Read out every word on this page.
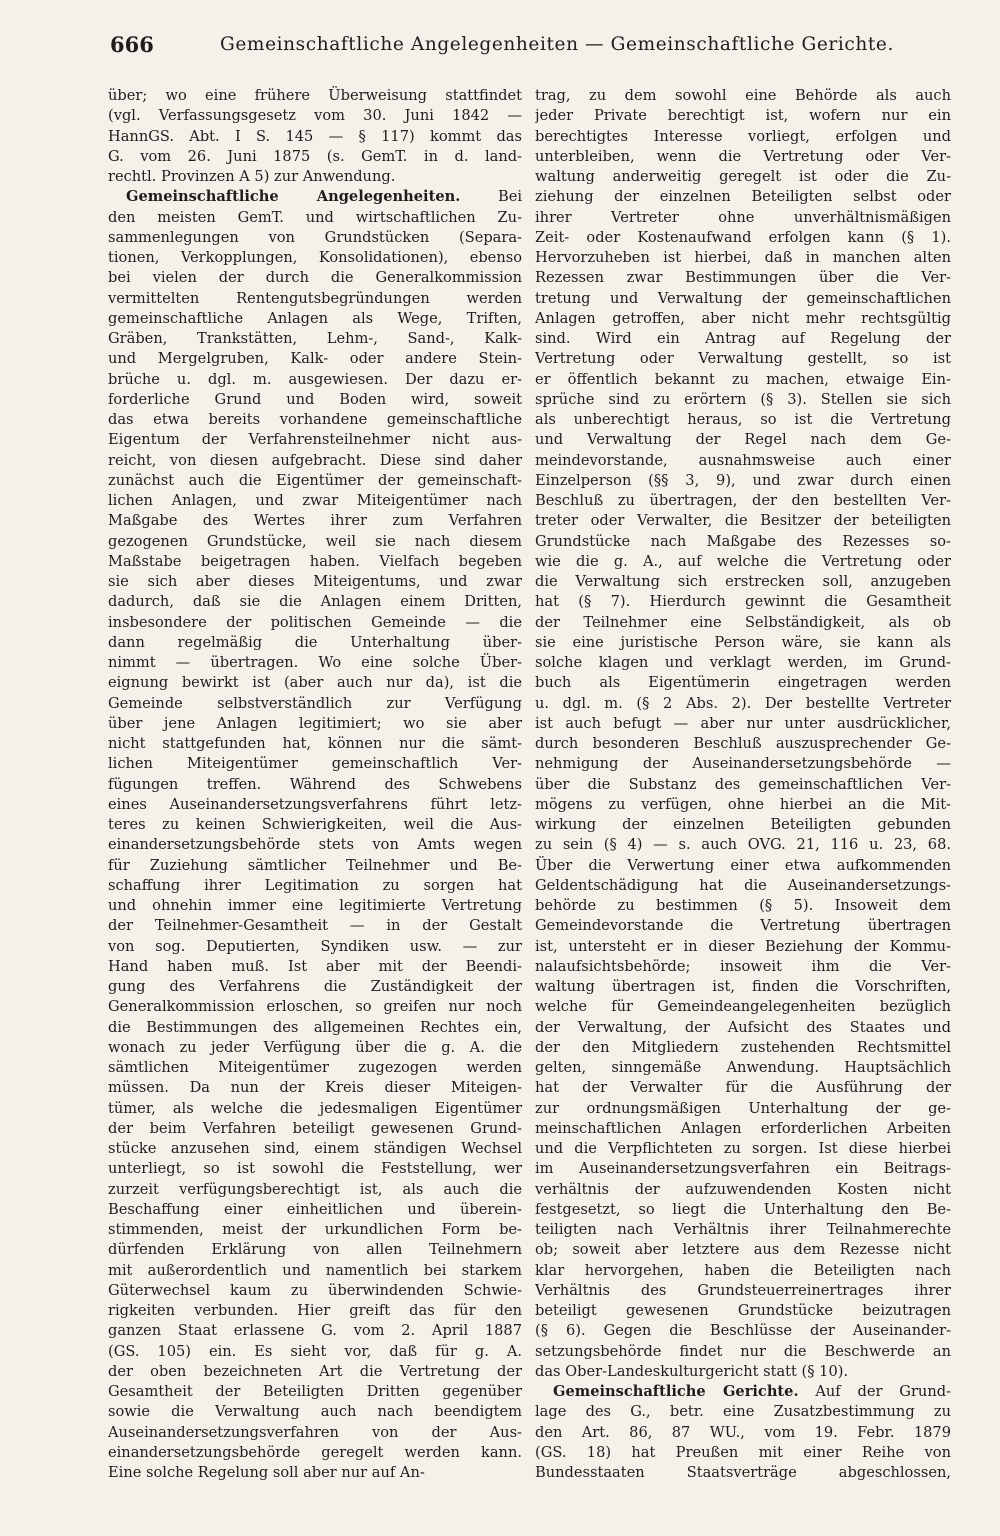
666	Gemeinschaftliche Angelegenheiten — Gemeinschaftliche Gerichte.
über; wo eine frühere Überweisung stattfindet
(vgl. Verfassungsgesetz vom 30. Juni 1842 —
HannGS. Abt. I S. 145 — § 117) kommt das
G. vom 26. Juni 1875 (s. GemT. in d. land-
rechtl. Provinzen A 5) zur Anwendung.
Gemeinschaftliche Angelegenheiten.	Bei
den meisten GemT. und wirtschaftlichen Zu-
sammenlegungen von Grundstücken (Separa-
tionen, Verkopplungen, Konsolidationen), ebenso
bei vielen der durch die Generalkommission
vermittelten Rentengutsbegründungen werden
gemeinschaftliche Anlagen als Wege, Triften,
Gräben, Trankstätten, Lehm-, Sand-, Kalk-
und Mergelgruben, Kalk- oder andere Stein-
brüche u. dgl. m. ausgewiesen. Der dazu er-
forderliche Grund und Boden wird, soweit
das etwa bereits vorhandene gemeinschaftliche
Eigentum der Verfahrensteilnehmer nicht aus-
reicht, von diesen aufgebracht. Diese sind daher
zunächst auch die Eigentümer der gemeinschaft-
lichen Anlagen, und zwar Miteigentümer nach
Maßgabe des Wertes ihrer zum Verfahren
gezogenen Grundstücke, weil sie nach diesem
Maßstabe beigetragen haben. Vielfach begeben
sie sich aber dieses Miteigentums, und zwar
dadurch, daß sie die Anlagen einem Dritten,
insbesondere der politischen Gemeinde — die
dann regelmäßig die Unterhaltung über-
nimmt — übertragen. Wo eine solche Über-
eignung bewirkt ist (aber auch nur da), ist die
Gemeinde selbstverständlich zur Verfügung
über jene Anlagen legitimiert; wo sie aber
nicht stattgefunden hat, können nur die sämt-
lichen Miteigentümer gemeinschaftlich Ver-
fügungen treffen. Während des Schwebens
eines Auseinandersetzungsverfahrens führt letz-
teres zu keinen Schwierigkeiten, weil die Aus-
einandersetzungsbehörde stets von Amts wegen
für Zuziehung sämtlicher Teilnehmer und Be-
schaffung ihrer Legitimation zu sorgen hat
und ohnehin immer eine legitimierte Vertretung
der Teilnehmer-Gesamtheit — in der Gestalt
von sog. Deputierten, Syndiken usw. — zur
Hand haben muß. Ist aber mit der Beendi-
gung des Verfahrens die Zuständigkeit der
Generalkommission erloschen, so greifen nur noch
die Bestimmungen des allgemeinen Rechtes ein,
wonach zu jeder Verfügung über die g. A. die
sämtlichen Miteigentümer zugezogen werden
müssen. Da nun der Kreis dieser Miteigen-
tümer, als welche die jedesmaligen Eigentümer
der beim Verfahren beteiligt gewesenen Grund-
stücke anzusehen sind, einem ständigen Wechsel
unterliegt, so ist sowohl die Feststellung, wer
zurzeit verfügungsberechtigt ist, als auch die
Beschaffung einer einheitlichen und überein-
stimmenden, meist der urkundlichen Form be-
dürfenden Erklärung von allen Teilnehmern
mit außerordentlich und namentlich bei starkem
Güterwechsel kaum zu überwindenden Schwie-
rigkeiten verbunden. Hier greift das für den
ganzen Staat erlassene G. vom 2. April 1887
(GS. 105) ein. Es sieht vor, daß für g. A.
der oben bezeichneten Art die Vertretung der
Gesamtheit der Beteiligten Dritten gegenüber
sowie die Verwaltung auch nach beendigtem
Auseinandersetzungsverfahren von der Aus-
einandersetzungsbehörde geregelt werden kann.
Eine solche Regelung soll aber nur auf An-
trag, zu dem sowohl eine Behörde als auch
jeder Private berechtigt ist, wofern nur ein
berechtigtes Interesse vorliegt, erfolgen und
unterbleiben, wenn die Vertretung oder Ver-
waltung anderweitig geregelt ist oder die Zu-
ziehung der einzelnen Beteiligten selbst oder
ihrer Vertreter ohne unverhältnismäßigen
Zeit- oder Kostenaufwand erfolgen kann (§ 1).
Hervorzuheben ist hierbei, daß in manchen alten
Rezessen zwar Bestimmungen über die Ver-
tretung und Verwaltung der gemeinschaftlichen
Anlagen getroffen, aber nicht mehr rechtsgültig
sind. Wird ein Antrag auf Regelung der
Vertretung oder Verwaltung gestellt, so ist
er öffentlich bekannt zu machen, etwaige Ein-
sprüche sind zu erörtern (§ 3). Stellen sie sich
als unberechtigt heraus, so ist die Vertretung
und Verwaltung der Regel nach dem Ge-
meindevorstande, ausnahmsweise auch einer
Einzelperson (§§ 3, 9), und zwar durch einen
Beschluß zu übertragen, der den bestellten Ver-
treter oder Verwalter, die Besitzer der beteiligten
Grundstücke nach Maßgabe des Rezesses so-
wie die g. A., auf welche die Vertretung oder
die Verwaltung sich erstrecken soll, anzugeben
hat (§ 7). Hierdurch gewinnt die Gesamtheit
der Teilnehmer eine Selbständigkeit, als ob
sie eine juristische Person wäre, sie kann als
solche klagen und verklagt werden, im Grund-
buch als Eigentümerin eingetragen werden
u. dgl. m. (§ 2 Abs. 2). Der bestellte Vertreter
ist auch befugt — aber nur unter ausdrücklicher,
durch besonderen Beschluß auszusprechender Ge-
nehmigung der Auseinandersetzungsbehörde —
über die Substanz des gemeinschaftlichen Ver-
mögens zu verfügen, ohne hierbei an die Mit-
wirkung der einzelnen Beteiligten gebunden
zu sein (§ 4) — s. auch OVG. 21, 116 u. 23, 68.
Über die Verwertung einer etwa aufkommenden
Geldentschädigung hat die Auseinandersetzungs-
behörde zu bestimmen (§ 5). Insoweit dem
Gemeindevorstande die Vertretung übertragen
ist, untersteht er in dieser Beziehung der Kommu-
nalaufsichtsbehörde; insoweit ihm die Ver-
waltung übertragen ist, finden die Vorschriften,
welche für Gemeindeangelegenheiten bezüglich
der Verwaltung, der Aufsicht des Staates und
der den Mitgliedern zustehenden Rechtsmittel
gelten, sinngemäße Anwendung. Hauptsächlich
hat der Verwalter für die Ausführung der
zur ordnungsmäßigen Unterhaltung der ge-
meinschaftlichen Anlagen erforderlichen Arbeiten
und die Verpflichteten zu sorgen. Ist diese hierbei
im Auseinandersetzungsverfahren ein Beitrags-
verhältnis der aufzuwendenden Kosten nicht
festgesetzt, so liegt die Unterhaltung den Be-
teiligten nach Verhältnis ihrer Teilnahmerechte
ob; soweit aber letztere aus dem Rezesse nicht
klar hervorgehen, haben die Beteiligten nach
Verhältnis des Grundsteuerreinertrages ihrer
beteiligt gewesenen Grundstücke beizutragen
(§ 6). Gegen die Beschlüsse der Auseinander-
setzungsbehörde findet nur die Beschwerde an
das Ober-Landeskulturgericht statt (§ 10).
Gemeinschaftliche Gerichte. Auf der Grund-
lage des G., betr. eine Zusatzbestimmung zu
den Art. 86, 87 WU., vom 19. Febr. 1879
(GS. 18) hat Preußen mit einer Reihe von
Bundesstaaten Staatsverträge abgeschlossen,
